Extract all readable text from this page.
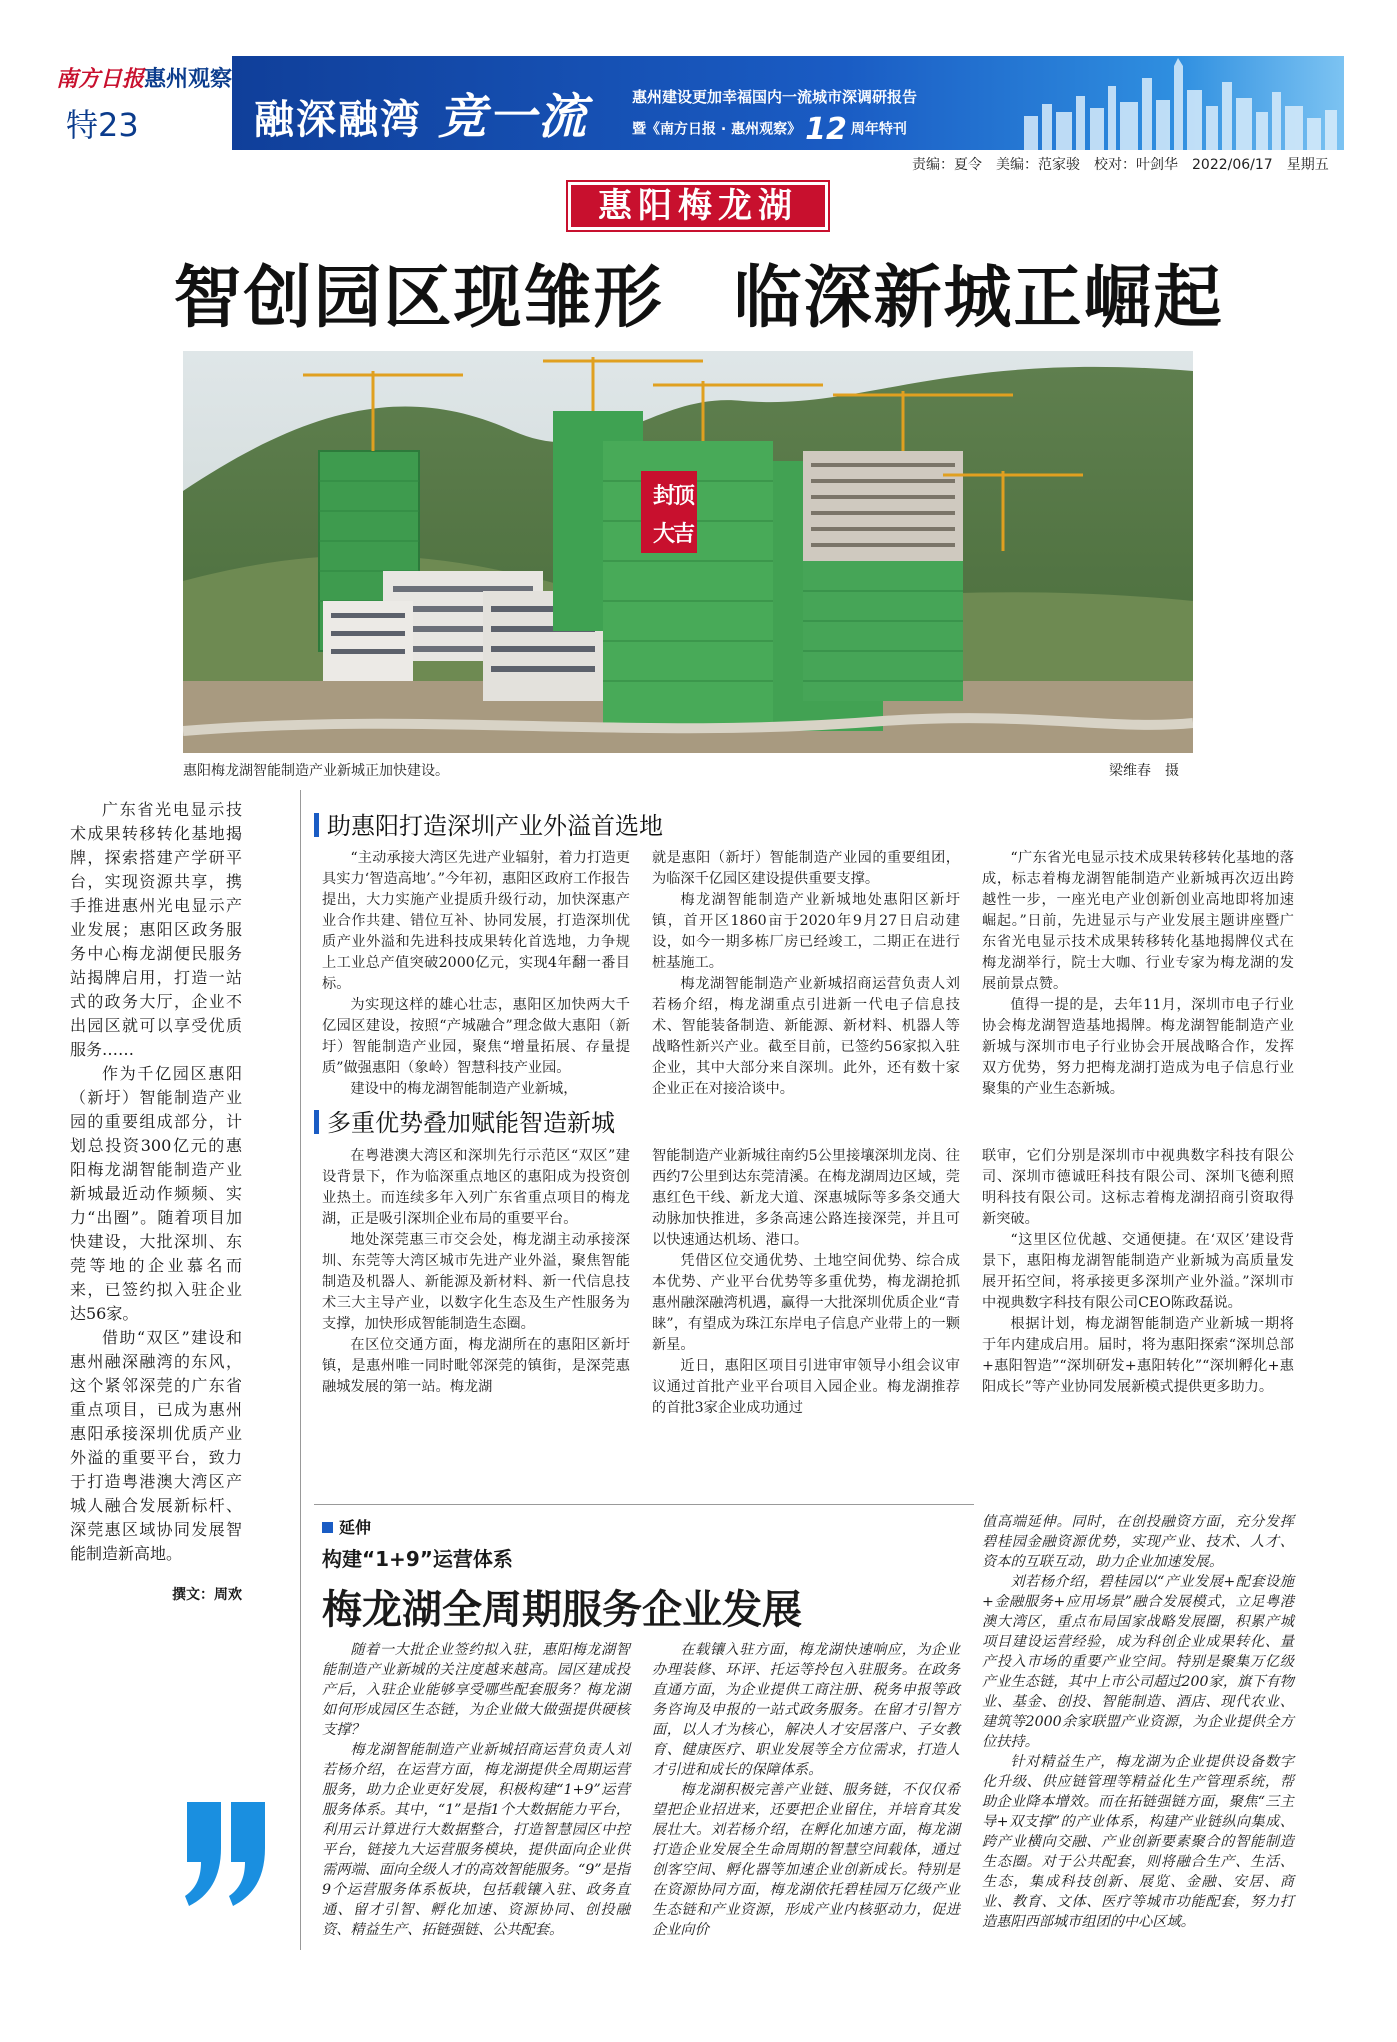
南方日报惠州观察
特23	融深融湾 竞一流	惠州建设更加幸福国内一流城市深调研报告
暨《南方日报 · 惠州观察》 12 周年特刊
责编：夏令　美编：范家骏　校对：叶剑华　2022/06/17　星期五
惠阳梅龙湖
智创园区现雏形　临深新城正崛起
封
顶
大
吉
惠阳梅龙湖智能制造产业新城正加快建设。	梁维春　摄

广东省光电显示技术成果转移转化基地揭牌，探索搭建产学研平台，实现资源共享，携手推进惠州光电显示产业发展；惠阳区政务服务中心梅龙湖便民服务站揭牌启用，打造一站式的政务大厅，企业不出园区就可以享受优质服务……

作为千亿园区惠阳（新圩）智能制造产业园的重要组成部分，计划总投资300亿元的惠阳梅龙湖智能制造产业新城最近动作频频、实力“出圈”。随着项目加快建设，大批深圳、东莞等地的企业慕名而来，已签约拟入驻企业达56家。

借助“双区”建设和惠州融深融湾的东风，这个紧邻深莞的广东省重点项目，已成为惠州惠阳承接深圳优质产业外溢的重要平台，致力于打造粤港澳大湾区产城人融合发展新标杆、深莞惠区域协同发展智能制造新高地。

撰文：周欢
助惠阳打造深圳产业外溢首选地

“主动承接大湾区先进产业辐射，着力打造更具实力‘智造高地’。”今年初，惠阳区政府工作报告提出，大力实施产业提质升级行动，加快深惠产业合作共建、错位互补、协同发展，打造深圳优质产业外溢和先进科技成果转化首选地，力争规上工业总产值突破2000亿元，实现4年翻一番目标。

为实现这样的雄心壮志，惠阳区加快两大千亿园区建设，按照“产城融合”理念做大惠阳（新圩）智能制造产业园，聚焦“增量拓展、存量提质”做强惠阳（象岭）智慧科技产业园。

建设中的梅龙湖智能制造产业新城，

就是惠阳（新圩）智能制造产业园的重要组团，为临深千亿园区建设提供重要支撑。

梅龙湖智能制造产业新城地处惠阳区新圩镇，首开区1860亩于2020年9月27日启动建设，如今一期多栋厂房已经竣工，二期正在进行桩基施工。

梅龙湖智能制造产业新城招商运营负责人刘若杨介绍，梅龙湖重点引进新一代电子信息技术、智能装备制造、新能源、新材料、机器人等战略性新兴产业。截至目前，已签约56家拟入驻企业，其中大部分来自深圳。此外，还有数十家企业正在对接洽谈中。

“广东省光电显示技术成果转移转化基地的落成，标志着梅龙湖智能制造产业新城再次迈出跨越性一步，一座光电产业创新创业高地即将加速崛起。”日前，先进显示与产业发展主题讲座暨广东省光电显示技术成果转移转化基地揭牌仪式在梅龙湖举行，院士大咖、行业专家为梅龙湖的发展前景点赞。

值得一提的是，去年11月，深圳市电子行业协会梅龙湖智造基地揭牌。梅龙湖智能制造产业新城与深圳市电子行业协会开展战略合作，发挥双方优势，努力把梅龙湖打造成为电子信息行业聚集的产业生态新城。

多重优势叠加赋能智造新城

在粤港澳大湾区和深圳先行示范区“双区”建设背景下，作为临深重点地区的惠阳成为投资创业热土。而连续多年入列广东省重点项目的梅龙湖，正是吸引深圳企业布局的重要平台。

地处深莞惠三市交会处，梅龙湖主动承接深圳、东莞等大湾区城市先进产业外溢，聚焦智能制造及机器人、新能源及新材料、新一代信息技术三大主导产业，以数字化生态及生产性服务为支撑，加快形成智能制造生态圈。

在区位交通方面，梅龙湖所在的惠阳区新圩镇，是惠州唯一同时毗邻深莞的镇街，是深莞惠融城发展的第一站。梅龙湖

智能制造产业新城往南约5公里接壤深圳龙岗、往西约7公里到达东莞清溪。在梅龙湖周边区域，莞惠红色干线、新龙大道、深惠城际等多条交通大动脉加快推进，多条高速公路连接深莞，并且可以快速通达机场、港口。

凭借区位交通优势、土地空间优势、综合成本优势、产业平台优势等多重优势，梅龙湖抢抓惠州融深融湾机遇，赢得一大批深圳优质企业“青睐”，有望成为珠江东岸电子信息产业带上的一颗新星。

近日，惠阳区项目引进审审领导小组会议审议通过首批产业平台项目入园企业。梅龙湖推荐的首批3家企业成功通过

联审，它们分别是深圳市中视典数字科技有限公司、深圳市德诚旺科技有限公司、深圳飞德利照明科技有限公司。这标志着梅龙湖招商引资取得新突破。

“这里区位优越、交通便捷。在‘双区’建设背景下，惠阳梅龙湖智能制造产业新城为高质量发展开拓空间，将承接更多深圳产业外溢。”深圳市中视典数字科技有限公司CEO陈政磊说。

根据计划，梅龙湖智能制造产业新城一期将于年内建成启用。届时，将为惠阳探索“深圳总部+惠阳智造”“深圳研发+惠阳转化”“深圳孵化+惠阳成长”等产业协同发展新模式提供更多助力。

延伸
构建“1+9”运营体系
梅龙湖全周期服务企业发展

随着一大批企业签约拟入驻，惠阳梅龙湖智能制造产业新城的关注度越来越高。园区建成投产后，入驻企业能够享受哪些配套服务？梅龙湖如何形成园区生态链，为企业做大做强提供硬核支撑？

梅龙湖智能制造产业新城招商运营负责人刘若杨介绍，在运营方面，梅龙湖提供全周期运营服务，助力企业更好发展，积极构建“1+9”运营服务体系。其中，“1”是指1个大数据能力平台，利用云计算进行大数据整合，打造智慧园区中控平台，链接九大运营服务模块，提供面向企业供需两端、面向全级人才的高效智能服务。“9”是指9个运营服务体系板块，包括载镶入驻、政务直通、留才引智、孵化加速、资源协同、创投融资、精益生产、拓链强链、公共配套。

在载镶入驻方面，梅龙湖快速响应，为企业办理装修、环评、托运等拎包入驻服务。在政务直通方面，为企业提供工商注册、税务申报等政务咨询及申报的一站式政务服务。在留才引智方面，以人才为核心，解决人才安居落户、子女教育、健康医疗、职业发展等全方位需求，打造人才引进和成长的保障体系。

梅龙湖积极完善产业链、服务链，不仅仅希望把企业招进来，还要把企业留住，并培育其发展壮大。刘若杨介绍，在孵化加速方面，梅龙湖打造企业发展全生命周期的智慧空间载体，通过创客空间、孵化器等加速企业创新成长。特别是在资源协同方面，梅龙湖依托碧桂园万亿级产业生态链和产业资源，形成产业内核驱动力，促进企业向价

值高端延伸。同时，在创投融资方面，充分发挥碧桂园金融资源优势，实现产业、技术、人才、资本的互联互动，助力企业加速发展。

刘若杨介绍，碧桂园以“产业发展+配套设施+金融服务+应用场景”融合发展模式，立足粤港澳大湾区，重点布局国家战略发展圈，积累产城项目建设运营经验，成为科创企业成果转化、量产投入市场的重要产业空间。特别是聚集万亿级产业生态链，其中上市公司超过200家，旗下有物业、基金、创投、智能制造、酒店、现代农业、建筑等2000余家联盟产业资源，为企业提供全方位扶持。

针对精益生产，梅龙湖为企业提供设备数字化升级、供应链管理等精益化生产管理系统，帮助企业降本增效。而在拓链强链方面，聚焦“三主导+双支撑”的产业体系，构建产业链纵向集成、跨产业横向交融、产业创新要素聚合的智能制造生态圈。对于公共配套，则将融合生产、生活、生态，集成科技创新、展览、金融、安居、商业、教育、文体、医疗等城市功能配套，努力打造惠阳西部城市组团的中心区域。
